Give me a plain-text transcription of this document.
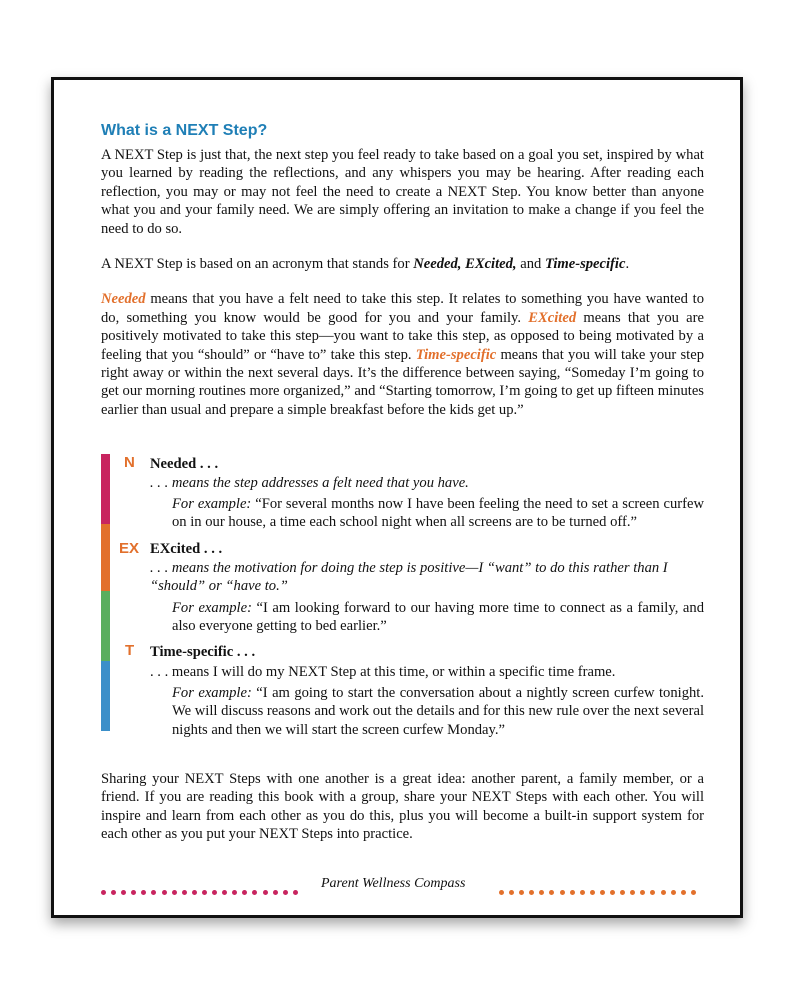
What is a NEXT Step?

A NEXT Step is just that, the next step you feel ready to take based on a goal you set, inspired by what you learned by reading the reflections, and any whispers you may be hearing. After reading each reflection, you may or may not feel the need to create a NEXT Step. You know better than anyone what you and your family need. We are simply offering an invitation to make a change if you feel the need to do so.

A NEXT Step is based on an acronym that stands for Needed, EXcited, and Time-specific.

Needed means that you have a felt need to take this step. It relates to something you have wanted to do, something you know would be good for you and your family. EXcited means that you are positively motivated to take this step—you want to take this step, as opposed to being motivated by a feeling that you “should” or “have to” take this step. Time-specific means that you will take your step right away or within the next several days. It’s the difference between saying, “Someday I’m going to get our morning routines more organized,” and “Starting tomorrow, I’m going to get up fifteen minutes earlier than usual and prepare a simple breakfast before the kids get up.”

N Needed . . .
. . . means the step addresses a felt need that you have.
For example: “For several months now I have been feeling the need to set a screen curfew on in our house, a time each school night when all screens are to be turned off.”
EX EXcited . . .
. . . means the motivation for doing the step is positive—I “want” to do this rather than I “should” or “have to.”
For example: “I am looking forward to our having more time to connect as a family, and also everyone getting to bed earlier.”
T Time-specific . . .
. . . means I will do my NEXT Step at this time, or within a specific time frame.
For example: “I am going to start the conversation about a nightly screen curfew tonight. We will discuss reasons and work out the details and for this new rule over the next several nights and then we will start the screen curfew Monday.”

Sharing your NEXT Steps with one another is a great idea: another parent, a family member, or a friend. If you are reading this book with a group, share your NEXT Steps with each other. You will inspire and learn from each other as you do this, plus you will become a built-in support system for each other as you put your NEXT Steps into practice.

Parent Wellness Compass
